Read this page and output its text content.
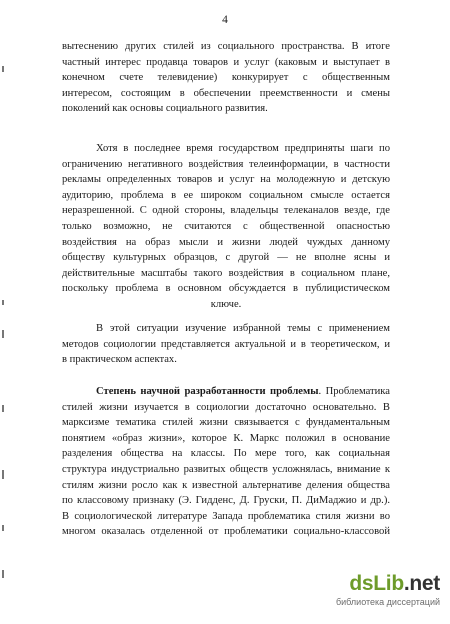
4
вытеснению других стилей из социального пространства. В итоге
частный интерес продавца товаров и услуг (каковым и выступает в
конечном счете телевидение) конкурирует с общественным
интересом, состоящим в обеспечении преемственности и смены
поколений как основы социального развития.
Хотя в последнее время государством предприняты шаги по
ограничению негативного воздействия телеинформации, в частности
рекламы определенных товаров и услуг на молодежную и детскую
аудиторию, проблема в ее широком социальном смысле остается
неразрешенной. С одной стороны, владельцы телеканалов везде, где
только возможно, не считаются с общественной опасностью
воздействия на образ мысли и жизни людей чуждых данному
обществу культурных образцов, с другой — не вполне ясны и
действительные масштабы такого воздействия в социальном плане,
поскольку проблема в основном обсуждается в публицистическом
ключе.
В этой ситуации изучение избранной темы с применением
методов социологии представляется актуальной и в теоретическом, и
в практическом аспектах.
Степень научной разработанности проблемы. Проблематика
стилей жизни изучается в социологии достаточно основательно. В
марксизме тематика стилей жизни связывается с фундаментальным
понятием «образ жизни», которое К. Маркс положил в основание
разделения общества на классы. По мере того, как социальная
структура индустриально развитых обществ усложнялась, внимание к
стилям жизни росло как к известной альтернативе деления общества
по классовому признаку (Э. Гидденс, Д. Груски, П. ДиМаджио и др.).
В социологической литературе Запада проблематика стиля жизни во
многом оказалась отделенной от проблематики социально-классовой
dsLib.net
библиотека диссертаций
